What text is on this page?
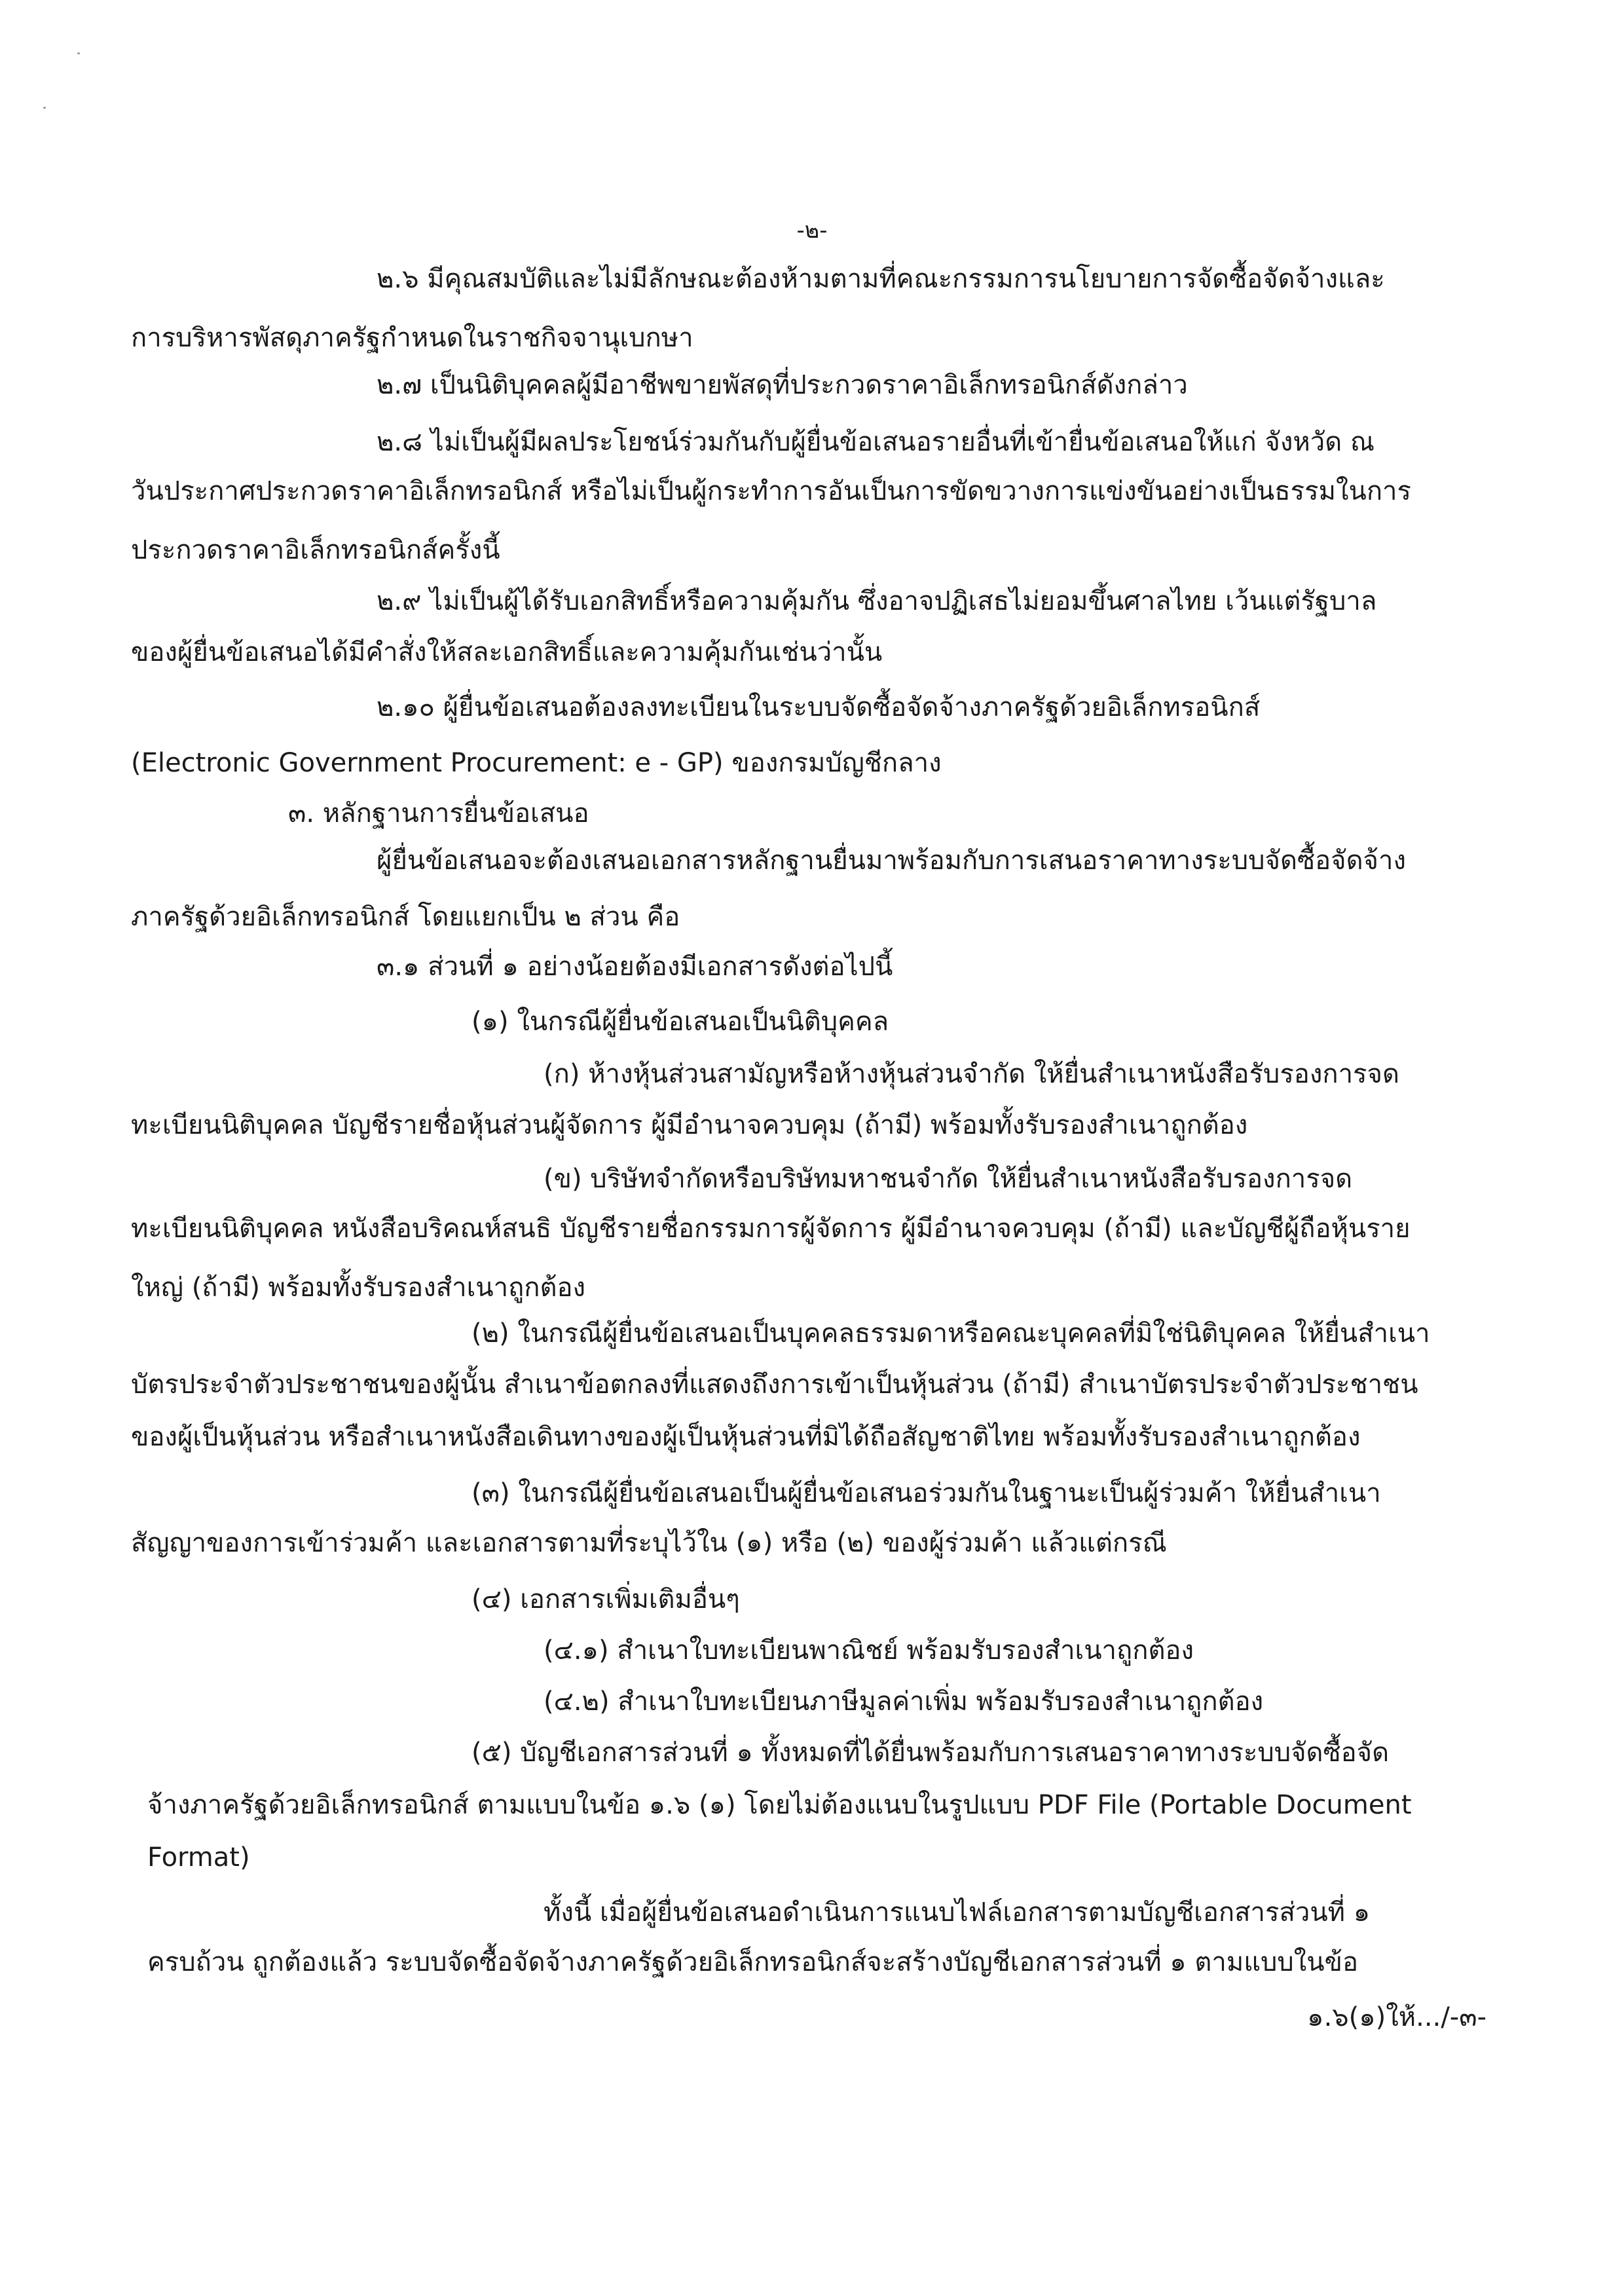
-๒-

๒.๖ มีคุณสมบัติและไม่มีลักษณะต้องห้ามตามที่คณะกรรมการนโยบายการจัดซื้อจัดจ้างและ

การบริหารพัสดุภาครัฐกำหนดในราชกิจจานุเบกษา

๒.๗ เป็นนิติบุคคลผู้มีอาชีพขายพัสดุที่ประกวดราคาอิเล็กทรอนิกส์ดังกล่าว

๒.๘ ไม่เป็นผู้มีผลประโยชน์ร่วมกันกับผู้ยื่นข้อเสนอรายอื่นที่เข้ายื่นข้อเสนอให้แก่ จังหวัด ณ

วันประกาศประกวดราคาอิเล็กทรอนิกส์ หรือไม่เป็นผู้กระทำการอันเป็นการขัดขวางการแข่งขันอย่างเป็นธรรมในการ

ประกวดราคาอิเล็กทรอนิกส์ครั้งนี้

๒.๙ ไม่เป็นผู้ได้รับเอกสิทธิ์หรือความคุ้มกัน ซึ่งอาจปฏิเสธไม่ยอมขึ้นศาลไทย เว้นแต่รัฐบาล

ของผู้ยื่นข้อเสนอได้มีคำสั่งให้สละเอกสิทธิ์และความคุ้มกันเช่นว่านั้น

๒.๑๐ ผู้ยื่นข้อเสนอต้องลงทะเบียนในระบบจัดซื้อจัดจ้างภาครัฐด้วยอิเล็กทรอนิกส์

(Electronic Government Procurement: e - GP) ของกรมบัญชีกลาง

๓. หลักฐานการยื่นข้อเสนอ

ผู้ยื่นข้อเสนอจะต้องเสนอเอกสารหลักฐานยื่นมาพร้อมกับการเสนอราคาทางระบบจัดซื้อจัดจ้าง

ภาครัฐด้วยอิเล็กทรอนิกส์ โดยแยกเป็น ๒ ส่วน คือ

๓.๑ ส่วนที่ ๑ อย่างน้อยต้องมีเอกสารดังต่อไปนี้

(๑) ในกรณีผู้ยื่นข้อเสนอเป็นนิติบุคคล

(ก) ห้างหุ้นส่วนสามัญหรือห้างหุ้นส่วนจำกัด ให้ยื่นสำเนาหนังสือรับรองการจด

ทะเบียนนิติบุคคล บัญชีรายชื่อหุ้นส่วนผู้จัดการ ผู้มีอำนาจควบคุม (ถ้ามี) พร้อมทั้งรับรองสำเนาถูกต้อง

(ข) บริษัทจำกัดหรือบริษัทมหาชนจำกัด ให้ยื่นสำเนาหนังสือรับรองการจด

ทะเบียนนิติบุคคล หนังสือบริคณห์สนธิ บัญชีรายชื่อกรรมการผู้จัดการ ผู้มีอำนาจควบคุม (ถ้ามี) และบัญชีผู้ถือหุ้นราย

ใหญ่ (ถ้ามี) พร้อมทั้งรับรองสำเนาถูกต้อง

(๒) ในกรณีผู้ยื่นข้อเสนอเป็นบุคคลธรรมดาหรือคณะบุคคลที่มิใช่นิติบุคคล ให้ยื่นสำเนา

บัตรประจำตัวประชาชนของผู้นั้น สำเนาข้อตกลงที่แสดงถึงการเข้าเป็นหุ้นส่วน (ถ้ามี) สำเนาบัตรประจำตัวประชาชน

ของผู้เป็นหุ้นส่วน หรือสำเนาหนังสือเดินทางของผู้เป็นหุ้นส่วนที่มิได้ถือสัญชาติไทย พร้อมทั้งรับรองสำเนาถูกต้อง

(๓) ในกรณีผู้ยื่นข้อเสนอเป็นผู้ยื่นข้อเสนอร่วมกันในฐานะเป็นผู้ร่วมค้า ให้ยื่นสำเนา

สัญญาของการเข้าร่วมค้า และเอกสารตามที่ระบุไว้ใน (๑) หรือ (๒) ของผู้ร่วมค้า แล้วแต่กรณี

(๔) เอกสารเพิ่มเติมอื่นๆ

(๔.๑) สำเนาใบทะเบียนพาณิชย์ พร้อมรับรองสำเนาถูกต้อง

(๔.๒) สำเนาใบทะเบียนภาษีมูลค่าเพิ่ม พร้อมรับรองสำเนาถูกต้อง

(๕) บัญชีเอกสารส่วนที่ ๑ ทั้งหมดที่ได้ยื่นพร้อมกับการเสนอราคาทางระบบจัดซื้อจัด

จ้างภาครัฐด้วยอิเล็กทรอนิกส์ ตามแบบในข้อ ๑.๖ (๑) โดยไม่ต้องแนบในรูปแบบ PDF File (Portable Document

Format)

ทั้งนี้ เมื่อผู้ยื่นข้อเสนอดำเนินการแนบไฟล์เอกสารตามบัญชีเอกสารส่วนที่ ๑

ครบถ้วน ถูกต้องแล้ว ระบบจัดซื้อจัดจ้างภาครัฐด้วยอิเล็กทรอนิกส์จะสร้างบัญชีเอกสารส่วนที่ ๑ ตามแบบในข้อ

๑.๖(๑)ให้.../-๓-
